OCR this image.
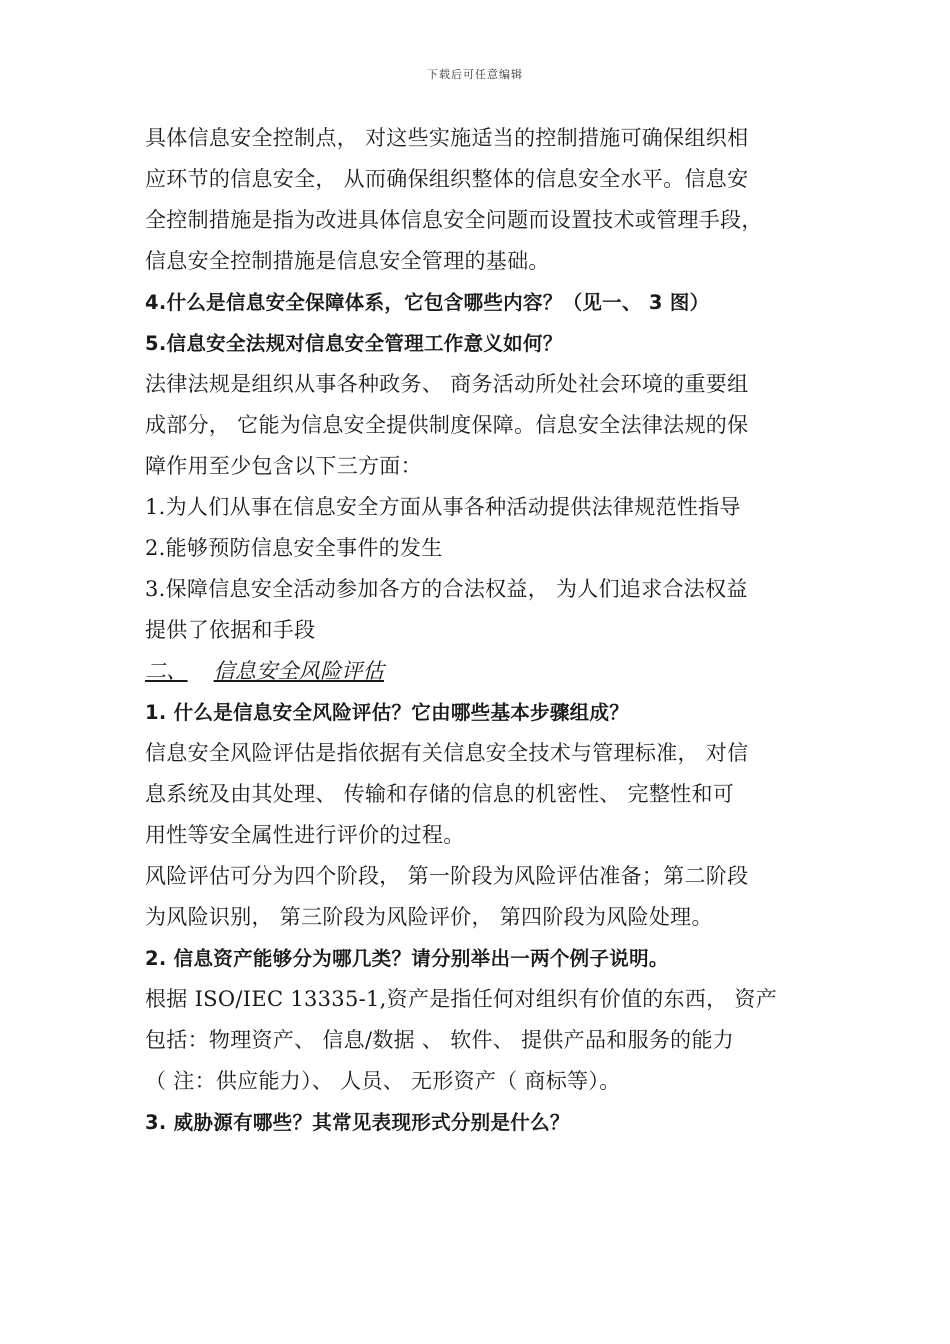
下载后可任意编辑
具体信息安全控制点， 对这些实施适当的控制措施可确保组织相
应环节的信息安全， 从而确保组织整体的信息安全水平。信息安
全控制措施是指为改进具体信息安全问题而设置技术或管理手段，
信息安全控制措施是信息安全管理的基础。
4.什么是信息安全保障体系，它包含哪些内容？（见一、 3 图）
5.信息安全法规对信息安全管理工作意义如何？
法律法规是组织从事各种政务、 商务活动所处社会环境的重要组
成部分， 它能为信息安全提供制度保障。信息安全法律法规的保
障作用至少包含以下三方面：
1.为人们从事在信息安全方面从事各种活动提供法律规范性指导
2.能够预防信息安全事件的发生
3.保障信息安全活动参加各方的合法权益， 为人们追求合法权益
提供了依据和手段
二、 信息安全风险评估
1. 什么是信息安全风险评估？它由哪些基本步骤组成？
信息安全风险评估是指依据有关信息安全技术与管理标准， 对信
息系统及由其处理、 传输和存储的信息的机密性、 完整性和可
用性等安全属性进行评价的过程。
风险评估可分为四个阶段， 第一阶段为风险评估准备；第二阶段
为风险识别， 第三阶段为风险评价， 第四阶段为风险处理。
2. 信息资产能够分为哪几类？请分别举出一两个例子说明。
根据 ISO/IEC 13335-1,资产是指任何对组织有价值的东西， 资产
包括：物理资产、 信息/数据 、 软件、 提供产品和服务的能力
（ 注：供应能力）、 人员、 无形资产（ 商标等）。
3. 威胁源有哪些？其常见表现形式分别是什么？
